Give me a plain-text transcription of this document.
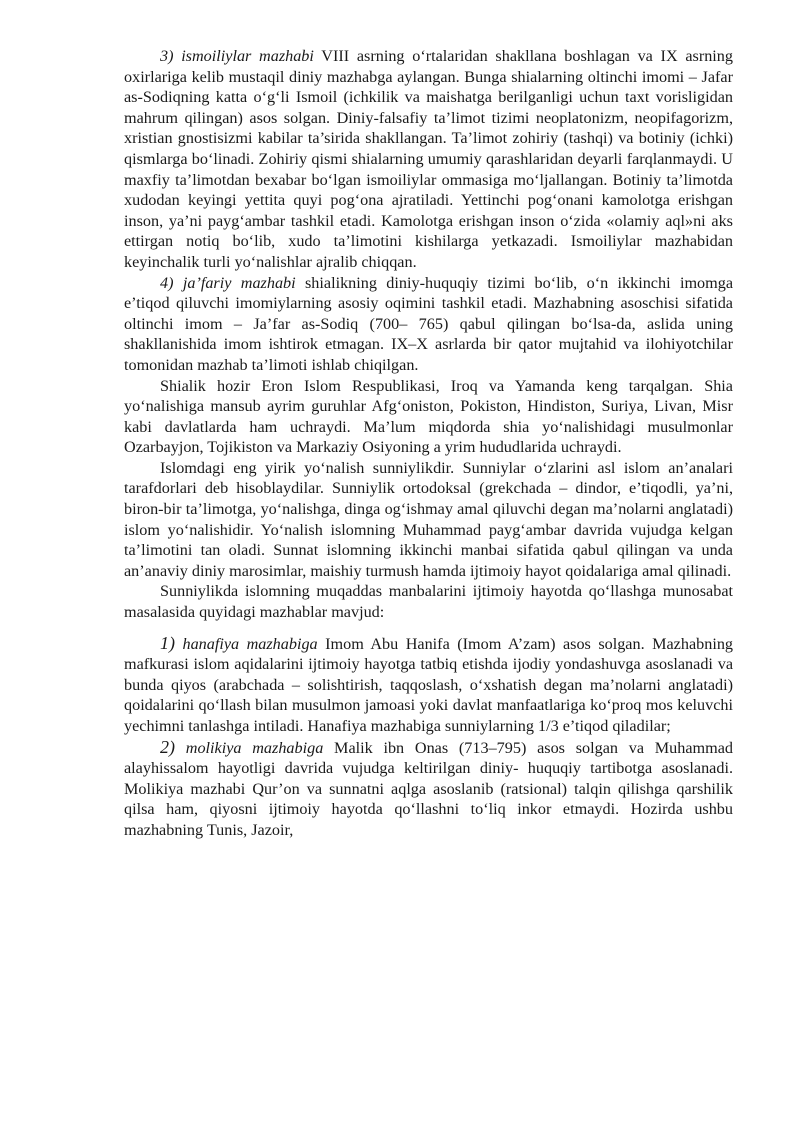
3) ismoiliylar mazhabi VIII asrning o‘rtalaridan shakllana boshlagan va IX asrning oxirlariga kelib mustaqil diniy mazhabga aylangan. Bunga shialarning oltinchi imomi – Jafar as-Sodiqning katta o‘g‘li Ismoil (ichkilik va maishatga berilganligi uchun taxt vorisligidan mahrum qilingan) asos solgan. Diniy-falsafiy ta’limot tizimi neoplatonizm, neopifagorizm, xristian gnostisizmi kabilar ta’sirida shakllangan. Ta’limot zohiriy (tashqi) va botiniy (ichki) qismlarga bo‘linadi. Zohiriy qismi shialarning umumiy qarashlaridan deyarli farqlanmaydi. U maxfiy ta’limotdan bexabar bo‘lgan ismoiliylar ommasiga mo‘ljallangan. Botiniy ta’limotda xudodan keyingi yettita quyi pog‘ona ajratiladi. Yettinchi pog‘onani kamolotga erishgan inson, ya’ni payg‘ambar tashkil etadi. Kamolotga erishgan inson o‘zida «olamiy aql»ni aks ettirgan notiq bo‘lib, xudo ta’limotini kishilarga yetkazadi. Ismoiliylar mazhabidan keyinchalik turli yo‘nalishlar ajralib chiqqan.

4) ja’fariy mazhabi shialikning diniy-huquqiy tizimi bo‘lib, o‘n ikkinchi imomga e’tiqod qiluvchi imomiylarning asosiy oqimini tashkil etadi. Mazhabning asoschisi sifatida oltinchi imom – Ja’far as-Sodiq (700– 765) qabul qilingan bo‘lsa-da, aslida uning shakllanishida imom ishtirok etmagan. IX–X asrlarda bir qator mujtahid va ilohiyotchilar tomonidan mazhab ta’limoti ishlab chiqilgan.

Shialik hozir Eron Islom Respublikasi, Iroq va Yamanda keng tarqalgan. Shia yo‘nalishiga mansub ayrim guruhlar Afg‘oniston, Pokiston, Hindiston, Suriya, Livan, Misr kabi davlatlarda ham uchraydi. Ma’lum miqdorda shia yo‘nalishidagi musulmonlar Ozarbayjon, Tojikiston va Markaziy Osiyoning a yrim hududlarida uchraydi.

Islomdagi eng yirik yo‘nalish sunniylikdir. Sunniylar o‘zlarini asl islom an’analari tarafdorlari deb hisoblaydilar. Sunniylik ortodoksal (grekchada – dindor, e’tiqodli, ya’ni, biron-bir ta’limotga, yo‘nalishga, dinga og‘ishmay amal qiluvchi degan ma’nolarni anglatadi) islom yo‘nalishidir. Yo‘nalish islomning Muhammad payg‘ambar davrida vujudga kelgan ta’limotini tan oladi. Sunnat islomning ikkinchi manbai sifatida qabul qilingan va unda an’anaviy diniy marosimlar, maishiy turmush hamda ijtimoiy hayot qoidalariga amal qilinadi.

Sunniylikda islomning muqaddas manbalarini ijtimoiy hayotda qo‘llashga munosabat masalasida quyidagi mazhablar mavjud:

1) hanafiya mazhabiga Imom Abu Hanifa (Imom A’zam) asos solgan. Mazhabning mafkurasi islom aqidalarini ijtimoiy hayotga tatbiq etishda ijodiy yondashuvga asoslanadi va bunda qiyos (arabchada – solishtirish, taqqoslash, o‘xshatish degan ma’nolarni anglatadi) qoidalarini qo‘llash bilan musulmon jamoasi yoki davlat manfaatlariga ko‘proq mos keluvchi yechimni tanlashga intiladi. Hanafiya mazhabiga sunniylarning 1/3 e’tiqod qiladilar;

2) molikiya mazhabiga Malik ibn Onas (713–795) asos solgan va Muhammad alayhissalom hayotligi davrida vujudga keltirilgan diniy- huquqiy tartibotga asoslanadi. Molikiya mazhabi Qur’on va sunnatni aqlga asoslanib (ratsional) talqin qilishga qarshilik qilsa ham, qiyosni ijtimoiy hayotda qo‘llashni to‘liq inkor etmaydi. Hozirda ushbu mazhabning Tunis, Jazoir,
